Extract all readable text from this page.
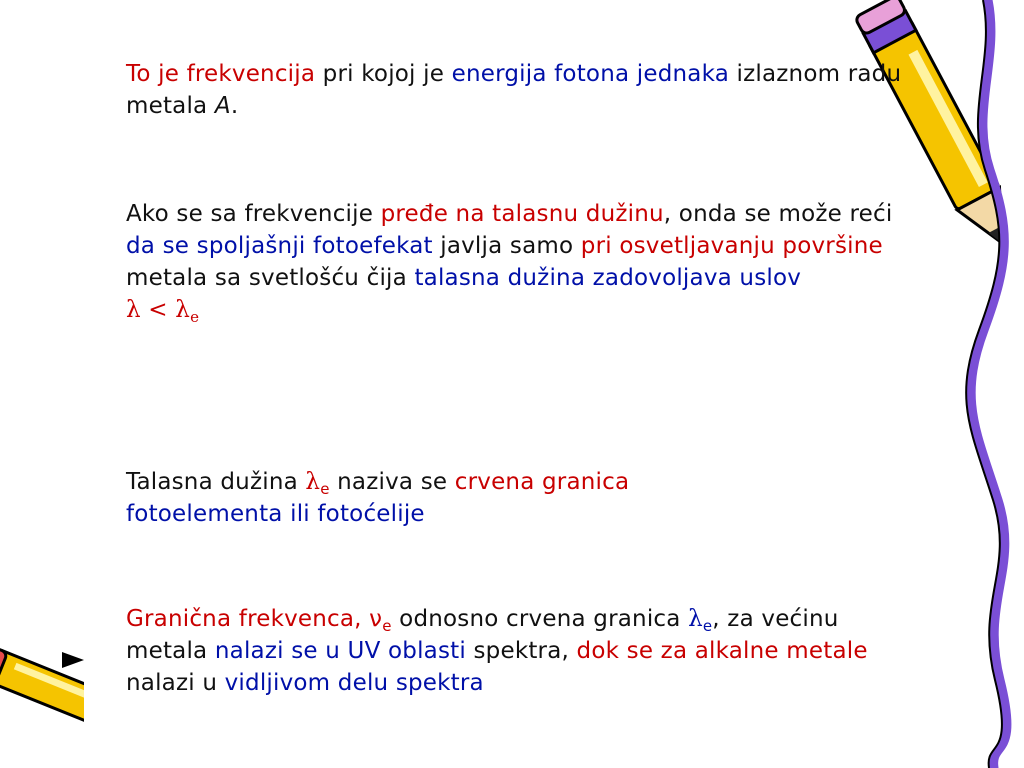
To je frekvencija pri kojoj je energija fotona jednaka izlaznom radu metala A.
Ako se sa frekvencije pređe na talasnu dužinu, onda se može reći da se spoljašnji fotoefekat javlja samo pri osvetljavanju površine metala sa svetlošću čija talasna dužina zadovoljava uslov
$\lambda < \lambda_e$
Talasna dužina $\lambda_e$ naziva se crvena granica
fotoelementa ili fotoćelije
Granična frekvenca, $\nu_e$ odnosno crvena granica $\lambda_e$, za većinu metala nalazi se u UV oblasti spektra, dok se za alkalne metale nalazi u vidljivom delu spektra
